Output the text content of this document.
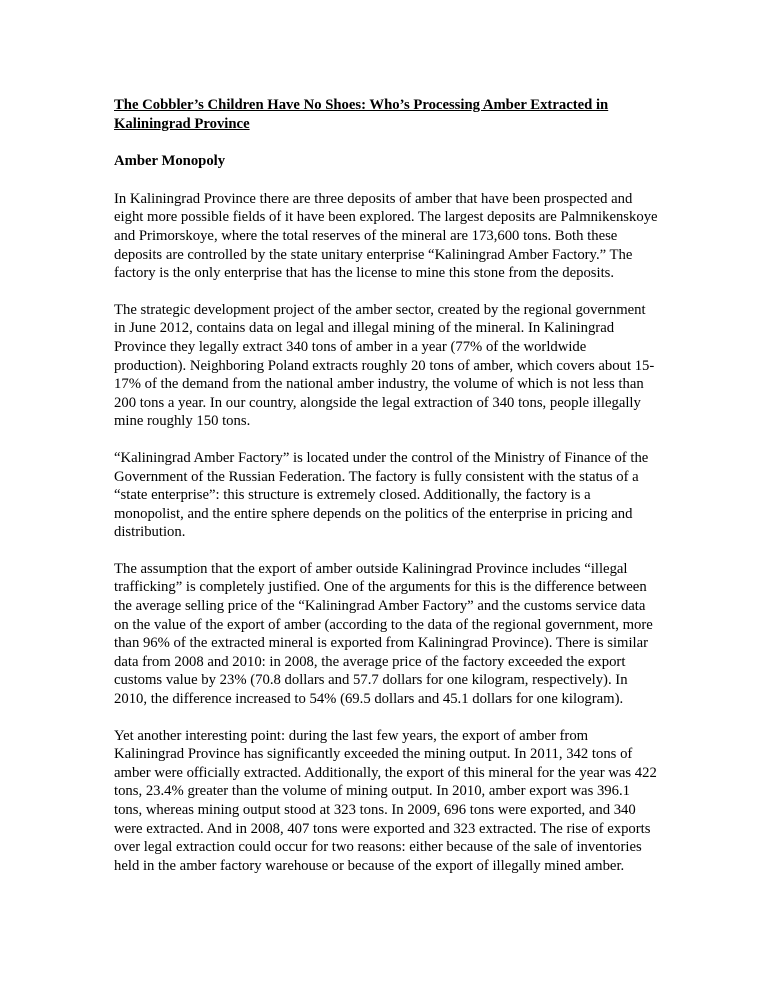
The Cobbler’s Children Have No Shoes: Who’s Processing Amber Extracted in Kaliningrad Province

Amber Monopoly

In Kaliningrad Province there are three deposits of amber that have been prospected and eight more possible fields of it have been explored. The largest deposits are Palmnikenskoye and Primorskoye, where the total reserves of the mineral are 173,600 tons. Both these deposits are controlled by the state unitary enterprise “Kaliningrad Amber Factory.” The factory is the only enterprise that has the license to mine this stone from the deposits.

The strategic development project of the amber sector, created by the regional government in June 2012, contains data on legal and illegal mining of the mineral. In Kaliningrad Province they legally extract 340 tons of amber in a year (77% of the worldwide production). Neighboring Poland extracts roughly 20 tons of amber, which covers about 15-17% of the demand from the national amber industry, the volume of which is not less than 200 tons a year. In our country, alongside the legal extraction of 340 tons, people illegally mine roughly 150 tons.

“Kaliningrad Amber Factory” is located under the control of the Ministry of Finance of the Government of the Russian Federation. The factory is fully consistent with the status of a “state enterprise”: this structure is extremely closed. Additionally, the factory is a monopolist, and the entire sphere depends on the politics of the enterprise in pricing and distribution.

The assumption that the export of amber outside Kaliningrad Province includes “illegal trafficking” is completely justified. One of the arguments for this is the difference between the average selling price of the “Kaliningrad Amber Factory” and the customs service data on the value of the export of amber (according to the data of the regional government, more than 96% of the extracted mineral is exported from Kaliningrad Province). There is similar data from 2008 and 2010: in 2008, the average price of the factory exceeded the export customs value by 23% (70.8 dollars and 57.7 dollars for one kilogram, respectively). In 2010, the difference increased to 54% (69.5 dollars and 45.1 dollars for one kilogram).

Yet another interesting point: during the last few years, the export of amber from Kaliningrad Province has significantly exceeded the mining output. In 2011, 342 tons of amber were officially extracted. Additionally, the export of this mineral for the year was 422 tons, 23.4% greater than the volume of mining output. In 2010, amber export was 396.1 tons, whereas mining output stood at 323 tons. In 2009, 696 tons were exported, and 340 were extracted. And in 2008, 407 tons were exported and 323 extracted. The rise of exports over legal extraction could occur for two reasons: either because of the sale of inventories held in the amber factory warehouse or because of the export of illegally mined amber.
